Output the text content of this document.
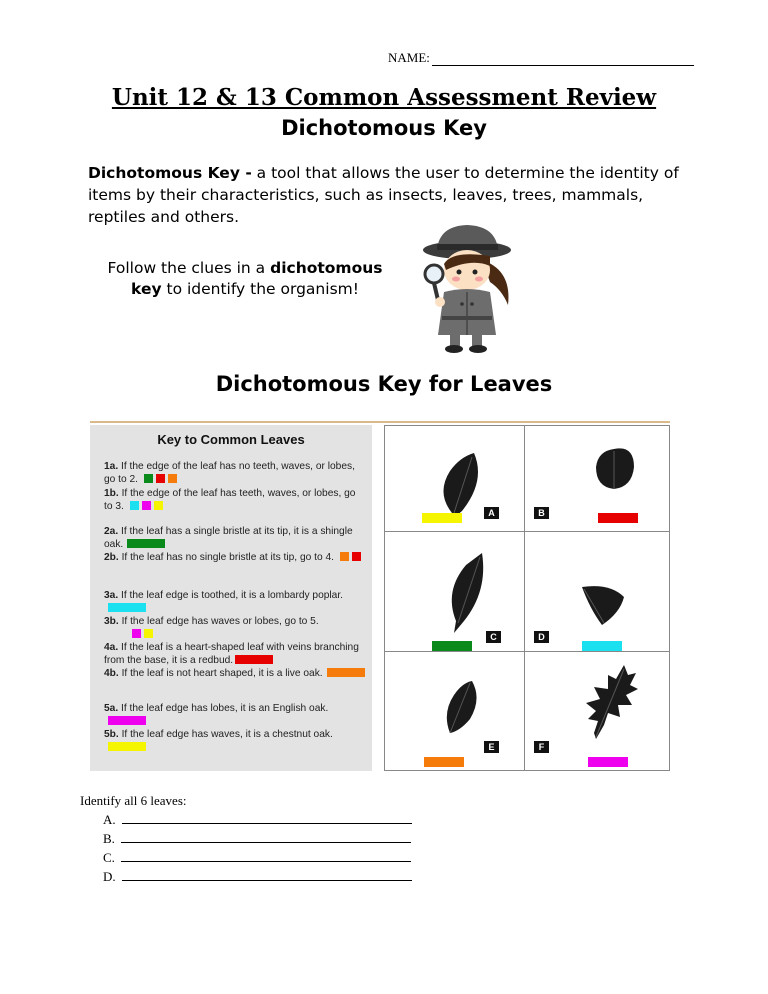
NAME:
Unit 12 & 13 Common Assessment Review
Dichotomous Key
Dichotomous Key - a tool that allows the user to determine the identity of items by their characteristics, such as insects, leaves, trees, mammals, reptiles and others.
Follow the clues in a dichotomous key to identify the organism!
Dichotomous Key for Leaves
Key to Common Leaves
1a. If the edge of the leaf has no teeth, waves, or lobes, go to 2.
1b. If the edge of the leaf has teeth, waves, or lobes, go to 3.
2a. If the leaf has a single bristle at its tip, it is a shingle oak.
2b. If the leaf has no single bristle at its tip, go to 4.
3a. If the leaf edge is toothed, it is a lombardy poplar.
3b. If the leaf edge has waves or lobes, go to 5.

4a. If the leaf is a heart-shaped leaf with veins branching from the base, it is a redbud.
4b. If the leaf is not heart shaped, it is a live oak.
5a. If the leaf edge has lobes, it is an English oak.
5b. If the leaf edge has waves, it is a chestnut oak.
A	B
C	D
E	F
Identify all 6 leaves:
A.
B.
C.
D.
